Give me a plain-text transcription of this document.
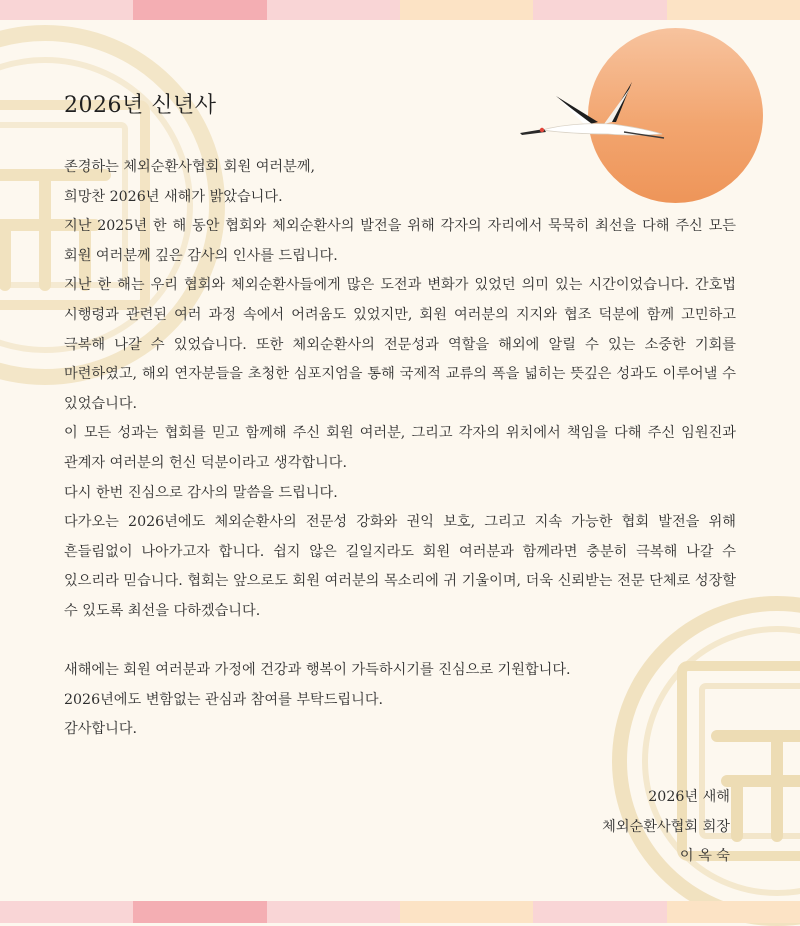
2026년 신년사

존경하는 체외순환사협회 회원 여러분께,

희망찬 2026년 새해가 밝았습니다.

지난 2025년 한 해 동안 협회와 체외순환사의 발전을 위해 각자의 자리에서 묵묵히 최선을 다해 주신 모든 회원 여러분께 깊은 감사의 인사를 드립니다.

지난 한 해는 우리 협회와 체외순환사들에게 많은 도전과 변화가 있었던 의미 있는 시간이었습니다. 간호법 시행령과 관련된 여러 과정 속에서 어려움도 있었지만, 회원 여러분의 지지와 협조 덕분에 함께 고민하고 극복해 나갈 수 있었습니다. 또한 체외순환사의 전문성과 역할을 해외에 알릴 수 있는 소중한 기회를 마련하였고, 해외 연자분들을 초청한 심포지엄을 통해 국제적 교류의 폭을 넓히는 뜻깊은 성과도 이루어낼 수 있었습니다.

이 모든 성과는 협회를 믿고 함께해 주신 회원 여러분, 그리고 각자의 위치에서 책임을 다해 주신 임원진과 관계자 여러분의 헌신 덕분이라고 생각합니다.

다시 한번 진심으로 감사의 말씀을 드립니다.

다가오는 2026년에도 체외순환사의 전문성 강화와 권익 보호, 그리고 지속 가능한 협회 발전을 위해 흔들림없이 나아가고자 합니다. 쉽지 않은 길일지라도 회원 여러분과 함께라면 충분히 극복해 나갈 수 있으리라 믿습니다. 협회는 앞으로도 회원 여러분의 목소리에 귀 기울이며, 더욱 신뢰받는 전문 단체로 성장할 수 있도록 최선을 다하겠습니다.

새해에는 회원 여러분과 가정에 건강과 행복이 가득하시기를 진심으로 기원합니다.

2026년에도 변함없는 관심과 참여를 부탁드립니다.

감사합니다.

2026년 새해
체외순환사협회 회장
이 옥 숙
